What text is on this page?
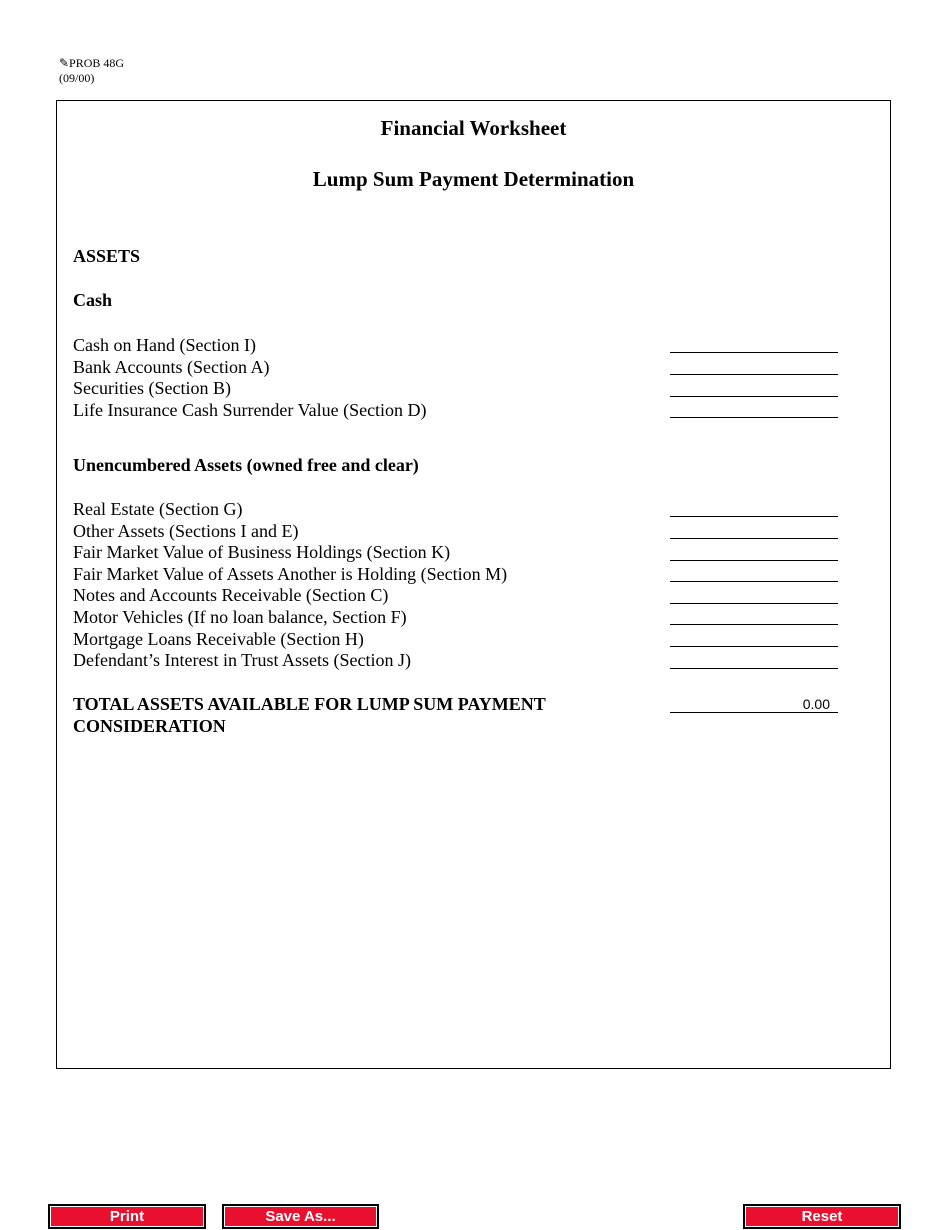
✎PROB 48G
(09/00)
Financial Worksheet
Lump Sum Payment Determination
ASSETS
Cash
Cash on Hand (Section I)
Bank Accounts (Section A)
Securities (Section B)
Life Insurance Cash Surrender Value (Section D)
Unencumbered Assets (owned free and clear)
Real Estate (Section G)
Other Assets (Sections I and E)
Fair Market Value of Business Holdings (Section K)
Fair Market Value of Assets Another is Holding (Section M)
Notes and Accounts Receivable (Section C)
Motor Vehicles (If no loan balance, Section F)
Mortgage Loans Receivable (Section H)
Defendant’s Interest in Trust Assets (Section J)
TOTAL ASSETS AVAILABLE FOR LUMP SUM PAYMENT
CONSIDERATION
0.00
Print	Save As...	Reset
